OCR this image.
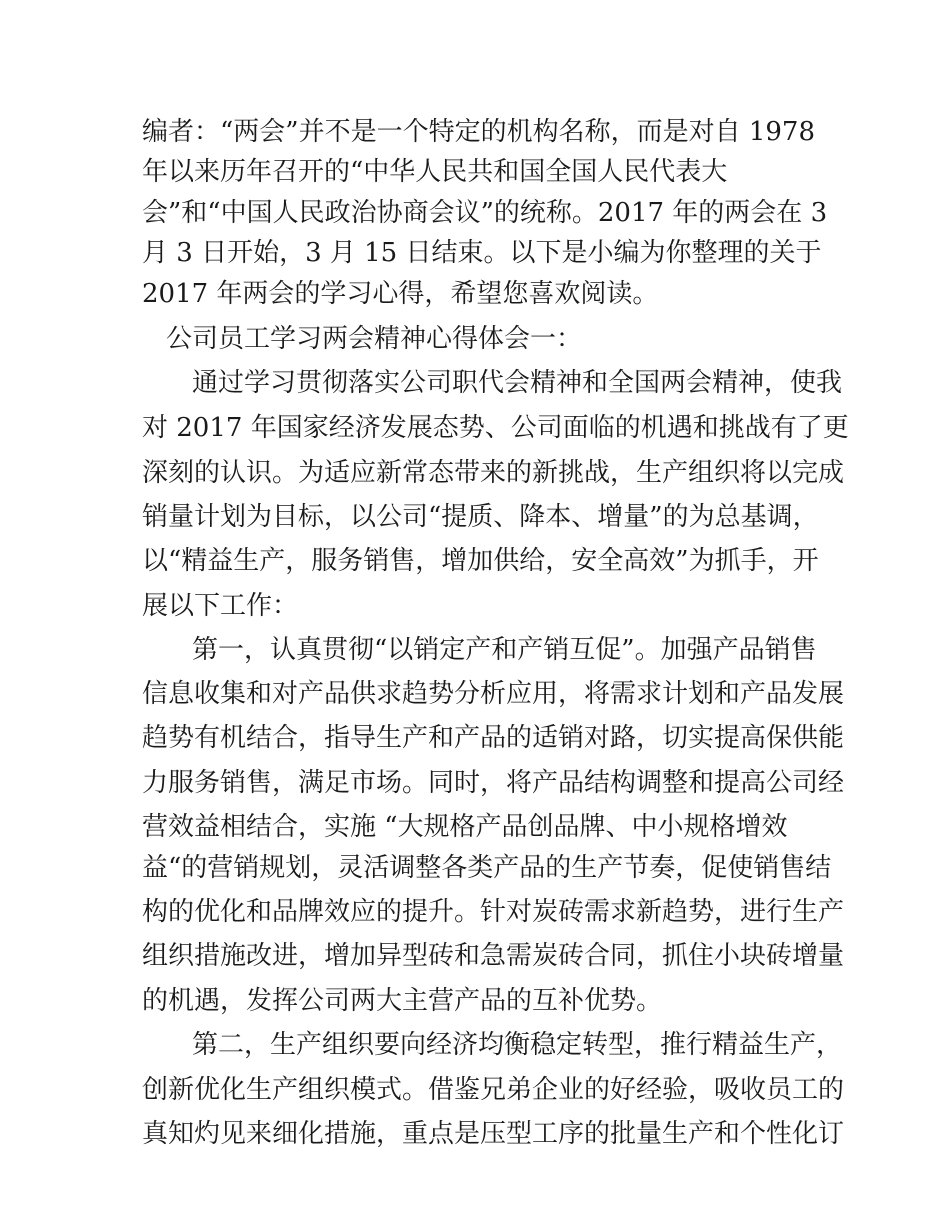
编者：“两会”并不是一个特定的机构名称，而是对自 1978
年以来历年召开的“中华人民共和国全国人民代表大
会”和“中国人民政治协商会议”的统称。2017 年的两会在 3
月 3 日开始，3 月 15 日结束。以下是小编为你整理的关于
2017 年两会的学习心得，希望您喜欢阅读。
公司员工学习两会精神心得体会一：
通过学习贯彻落实公司职代会精神和全国两会精神，使我
对 2017 年国家经济发展态势、公司面临的机遇和挑战有了更
深刻的认识。为适应新常态带来的新挑战，生产组织将以完成
销量计划为目标，以公司“提质、降本、增量”的为总基调，
以“精益生产，服务销售，增加供给，安全高效”为抓手，开
展以下工作：
第一，认真贯彻“以销定产和产销互促”。加强产品销售
信息收集和对产品供求趋势分析应用，将需求计划和产品发展
趋势有机结合，指导生产和产品的适销对路，切实提高保供能
力服务销售，满足市场。同时，将产品结构调整和提高公司经
营效益相结合，实施 “大规格产品创品牌、中小规格增效
益“的营销规划，灵活调整各类产品的生产节奏，促使销售结
构的优化和品牌效应的提升。针对炭砖需求新趋势，进行生产
组织措施改进，增加异型砖和急需炭砖合同，抓住小块砖增量
的机遇，发挥公司两大主营产品的互补优势。
第二，生产组织要向经济均衡稳定转型，推行精益生产，
创新优化生产组织模式。借鉴兄弟企业的好经验，吸收员工的
真知灼见来细化措施，重点是压型工序的批量生产和个性化订
